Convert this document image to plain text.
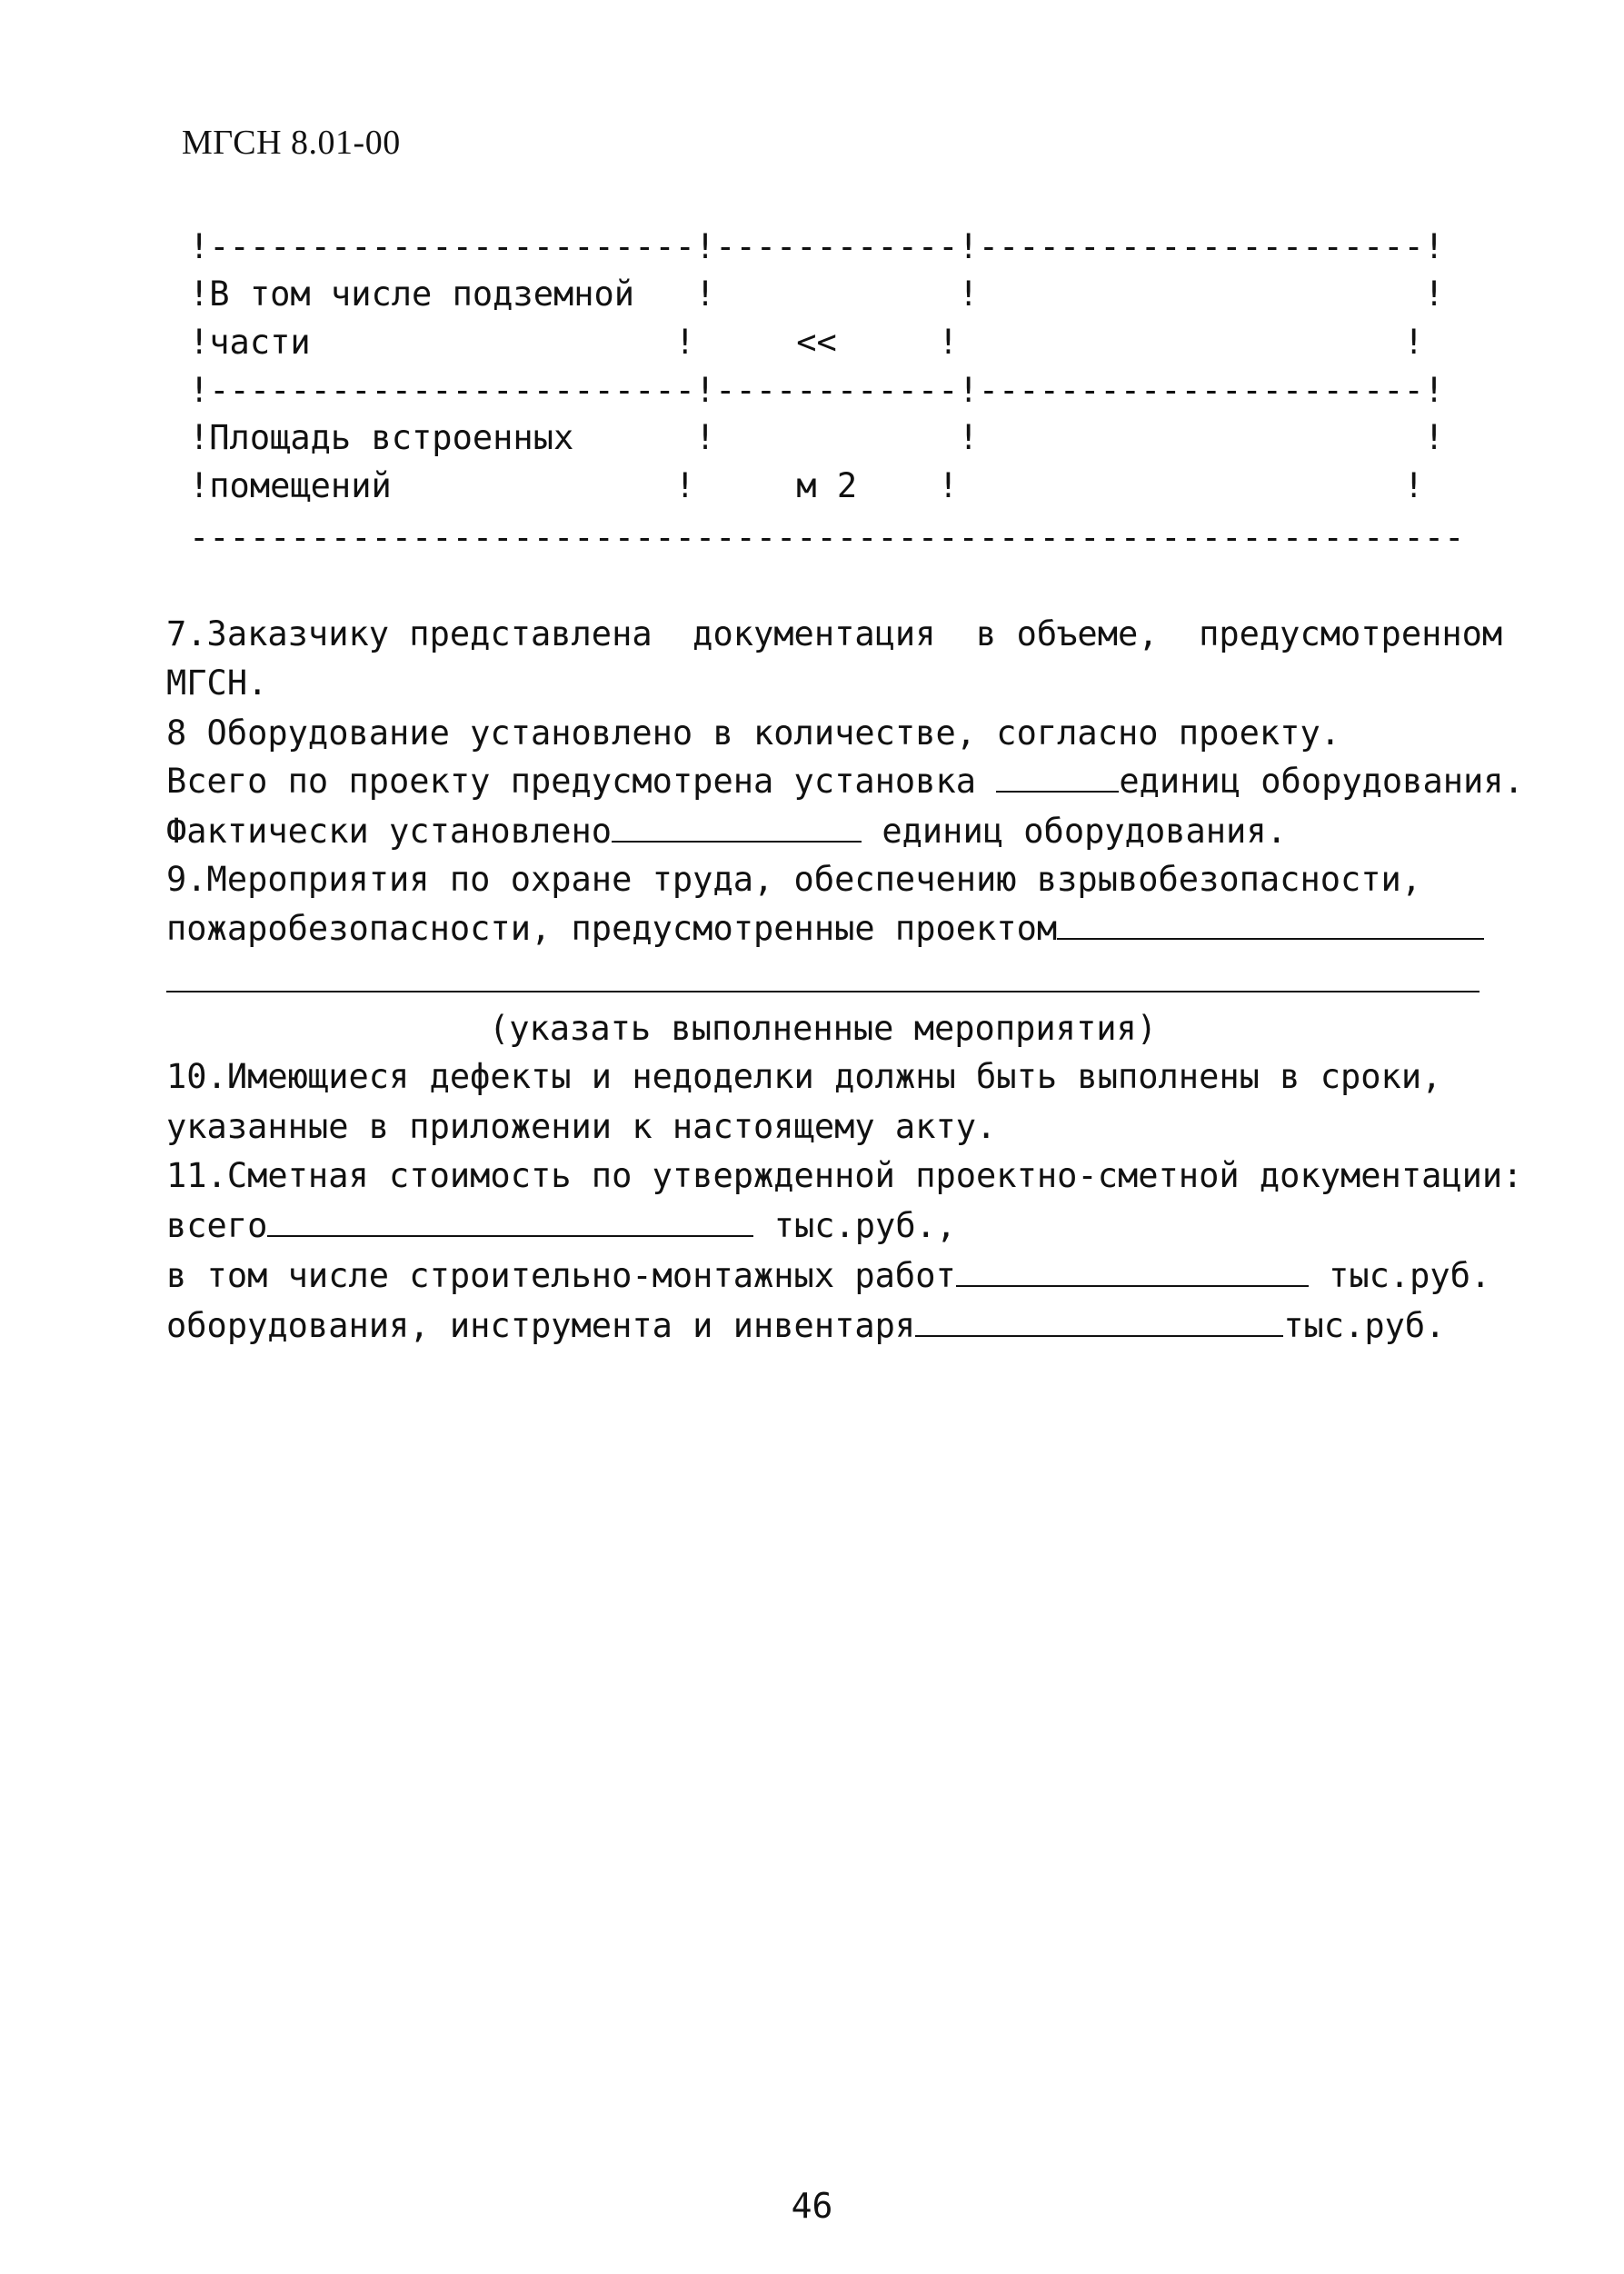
МГСН 8.01-00
!------------------------!------------!----------------------!
!В том числе подземной   !            !                      !
!части                  !     <<     !                      !
!------------------------!------------!----------------------!
!Площадь встроенных      !            !                      !
!помещений              !     м 2    !                      !
---------------------------------------------------------------
7.Заказчику представлена  документация  в объеме,  предусмотренном
МГСН.
8 Оборудование установлено в количестве, согласно проекту.
Всего по проекту предусмотрена установка	единиц оборудования.
Фактически установлено	единиц оборудования.
9.Мероприятия по охране труда, обеспечению взрывобезопасности,
пожаробезопасности, предусмотренные проектом
(указать выполненные мероприятия)
10.Имеющиеся дефекты и недоделки должны быть выполнены в сроки,
указанные в приложении к настоящему акту.
11.Сметная стоимость по утвержденной проектно-сметной документации:
всего	тыс.руб.,
в том числе строительно-монтажных работ	тыс.руб.
оборудования, инструмента и инвентаря	тыс.руб.
46
